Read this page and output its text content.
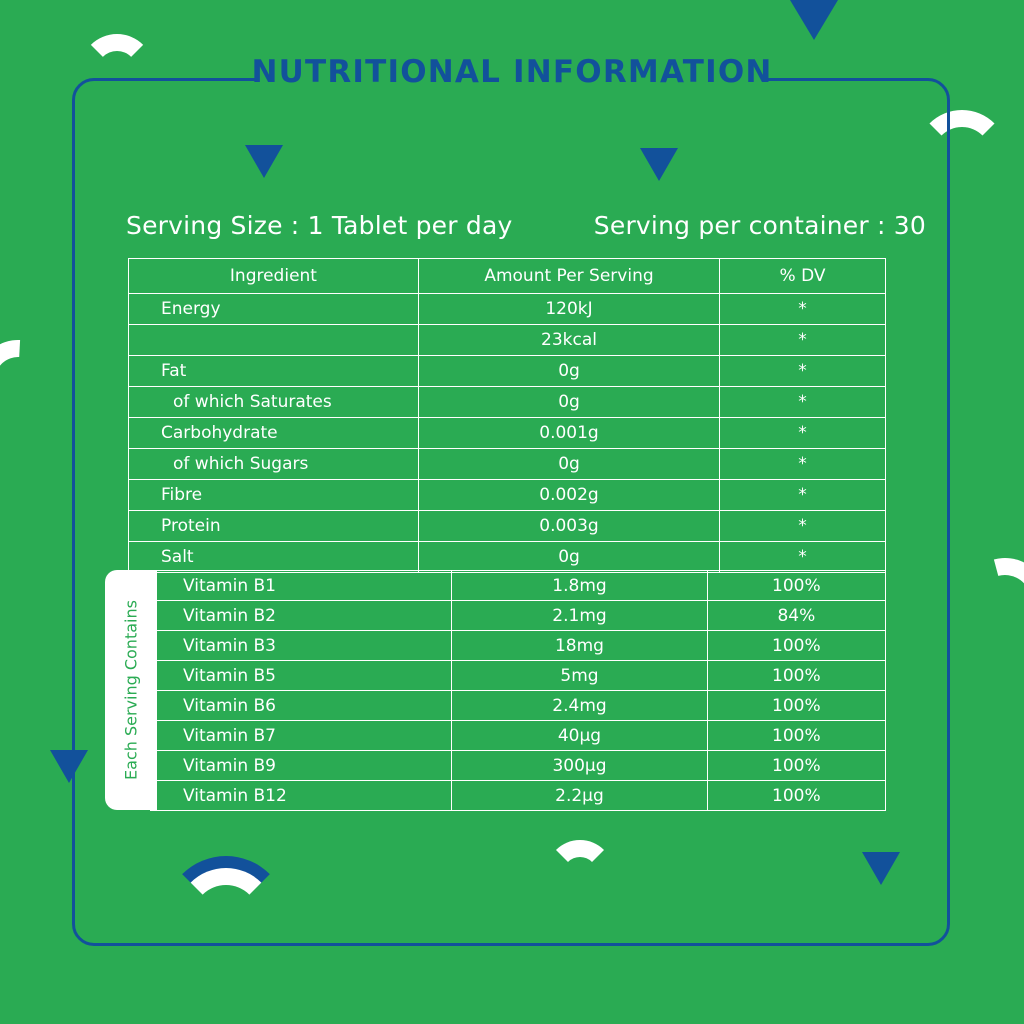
NUTRITIONAL INFORMATION
Serving Size : 1 Tablet per day	Serving per container : 30
Ingredient	Amount Per Serving	% DV
Energy	120kJ	*
	23kcal	*
Fat	0g	*
of which Saturates	0g	*
Carbohydrate	0.001g	*
of which Sugars	0g	*
Fibre	0.002g	*
Protein	0.003g	*
Salt	0g	*
Each Serving Contains
Vitamin B1	1.8mg	100%
Vitamin B2	2.1mg	84%
Vitamin B3	18mg	100%
Vitamin B5	5mg	100%
Vitamin B6	2.4mg	100%
Vitamin B7	40µg	100%
Vitamin B9	300µg	100%
Vitamin B12	2.2µg	100%
